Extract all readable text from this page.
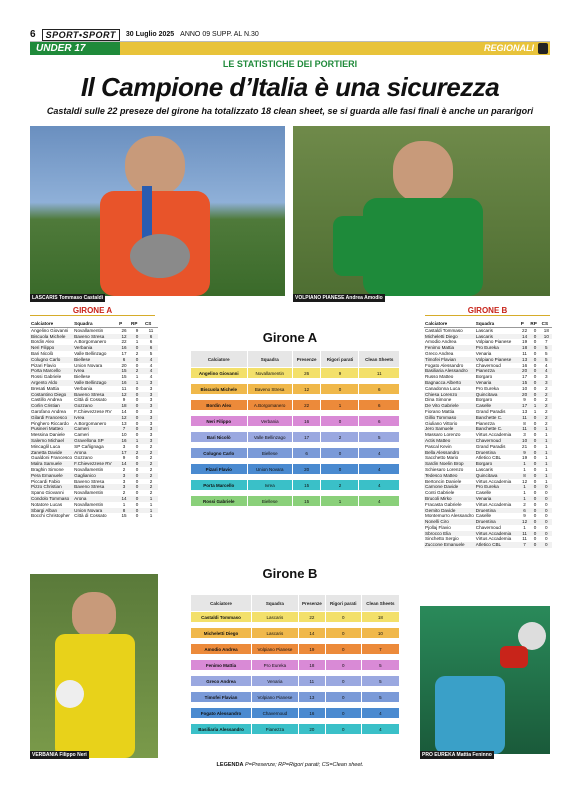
6	SPORT•SPORT	30 Luglio 2025 ANNO 09 SUPP. AL N.30
UNDER 17	REGIONALI
LE STATISTICHE DEI PORTIERI
Il Campione d’Italia è una sicurezza
Castaldi sulle 22 preseze del girone ha totalizzato 18 clean sheet, se si guarda alle fasi finali è anche un pararigori
LASCARIS Tommaso Castaldi	VOLPIANO PIANESE Andrea Amodio
GIRONE A	GIRONE B
Calciatore	Squadra	P	RP	CS
Angelino Giovanni	Novallamentin	26	9	11
Biscuola Michele	Baveno Stresa	12	0	6
Bordin Alex	A.Borgomanero	22	1	6
Neri Filippo	Verbania	16	0	6
Bari Nicolò	Valle Bellinzago	17	2	5
Colugno Carlo	Biellese	6	0	4
Pizari Flavio	Union Novara	20	0	4
Porta Marcello	Ivrea	15	2	4
Rossi Gabriele	Biellese	15	1	4
Argento Aldo	Valle Bellinzago	16	1	3
Bresati Mattia	Verbania	11	0	3
Costantino Diego	Baveno Stresa	12	0	3
Castillo Andrea	Città di Cossato	9	0	3
Corlin Cristian	Gozzano	18	0	3
Garofano Andrea	F.Chievezzese RV	14	0	3
Gilardi Francesco	Ivrea	12	0	3
Pinghero Riccardo	A.Borgomanero	13	0	3
Pusineri Matteo	Cameri	7	0	3
Messina Daniele	Cameri	10	0	3
Salerno Michael	Gravellona SP	16	1	3
Mincaglil Luca	SP Cañignaga	3	0	2
Zanetta Davide	Arona	17	2	2
Gualdoni Francesco	Gozzano	9	0	2
Malra Samuele	F.Chievezzese RV	14	0	2
Braghin Simone	Novallamentin	2	0	2
Pera Emanuele	Gaglianico	3	0	2
Piccardi Fabio	Baveno Stresa	3	0	2
Pizzo Christian	Baveno Stresa	3	0	2
Spano Giovanni	Novallamentin	2	0	2
Condolo Tommaso	Arona	14	0	1
Notatore Lucas	Novallamentin	1	0	1
Sbargi Alban	Union Novara	8	0	1
Bocchi Christopher	Città di Cossato	15	0	1
Calciatore	Squadra	P	RP	CS
Castaldi Tommaso	Lascaris	22	0	18
Micheletti Diego	Lascaris	14	0	10
Amodio Andrea	Volpiano Pianese	19	0	7
Fenimo Mattia	Pro Eureka	18	0	5
Greco Andrea	Venaria	11	0	5
Timofei Flavian	Volpiano Pianese	13	0	5
Fogato Alessandro	Chavernoud	16	0	4
Basiliaria Alessandro	Pianezza	20	0	4
Russo Matteo	Borgaro	17	0	3
Bagnacca Alberto	Venaria	15	0	3
Canadonna Luca	Pro Eureka	10	0	2
Chiesa Lorenzo	Quincitava	20	0	2
Dina Simone	Borgaro	9	0	2
De Vito Gabriele	Caselle	17	1	2
Fiorano Mattia	Grand Paradis	13	1	2
Gillio Tommaso	Banchette C.	11	0	2
Giuliano Vittorio	Pianezza	8	0	2
Jero Samuele	Banchette C.	11	0	1
Massaro Lorenzo	Virtus Accademia	3	0	1
Actis Matteo	Chavernoud	10	0	1
Pascal Kevin	Grand Paradis	21	0	1
Bella Alessandro	Druentina	9	0	1
Sacchetto Mario	Atletico CBL	19	0	1
Sardin Noelin Brop	Borgaro	1	0	1
Schiesaro Lorenzo	Lascaris	1	0	1
Tedesco Matteo	Quincitava	8	0	1
Bertoncin Daniele	Virtus Accademia	12	0	1
Carnone Davide	Pro Eureka	1	0	0
Conti Gabriele	Caselle	1	0	0
Brucoli Mirko	Venaria	1	0	0
Fracasta Gabriele	Virtus Accademia	2	0	0
Gemito Davide	Druentina	6	0	0
Montemurro Alessandro	Caselle	9	0	0
Nonelli Ciro	Druentina	12	0	0
Pjollaj Flavio	Chavernoud	1	0	0
Sbrocco Elia	Virtus Accademia	11	0	0
Sinchetto Sergio	Virtus Accademia	11	0	0
Zuccone Emanuele	Atletico CBL	7	0	0
Girone A
Calciatore	Squadra	Presenze	Rigori parati	Clean Sheets
Angelino Giovanni	Novallamentin	26	9	11

Biscuola Michele	Baveno Stresa	12	0	6

Bordin Alex	A.Borgomanero	22	1	6

Neri Filippo	Verbania	16	0	6

Bari Nicolò	Valle Bellinzago	17	2	5

Colugno Carlo	Biellese	6	0	4

Pizari Flavio	Union Novara	20	0	4

Porta Marcello	Ivrea	15	2	4

Rossi Gabriele	Biellese	15	1	4

Girone B
Calciatore	Squadra	Presenze	Rigori parati	Clean Sheets
Castaldi Tommaso	Lascaris	22	0	18

Micheletti Diego	Lascaris	14	0	10

Amodio Andrea	Volpiano Pianese	19	0	7

Fenimo Mattia	Pro Eureka	18	0	5

Greco Andrea	Venaria	11	0	5

Timofei Flavian	Volpiano Pianese	13	0	5

Fogato Alessandro	Chavernoud	16	0	4

Basiliaria Alessandro	Pianezza	20	0	4

VERBANIA Filippo Neri	PRO EUREKA Mattia Feninno
LEGENDA P=Presenze; RP=Rigori parati; CS=Clean sheet.
